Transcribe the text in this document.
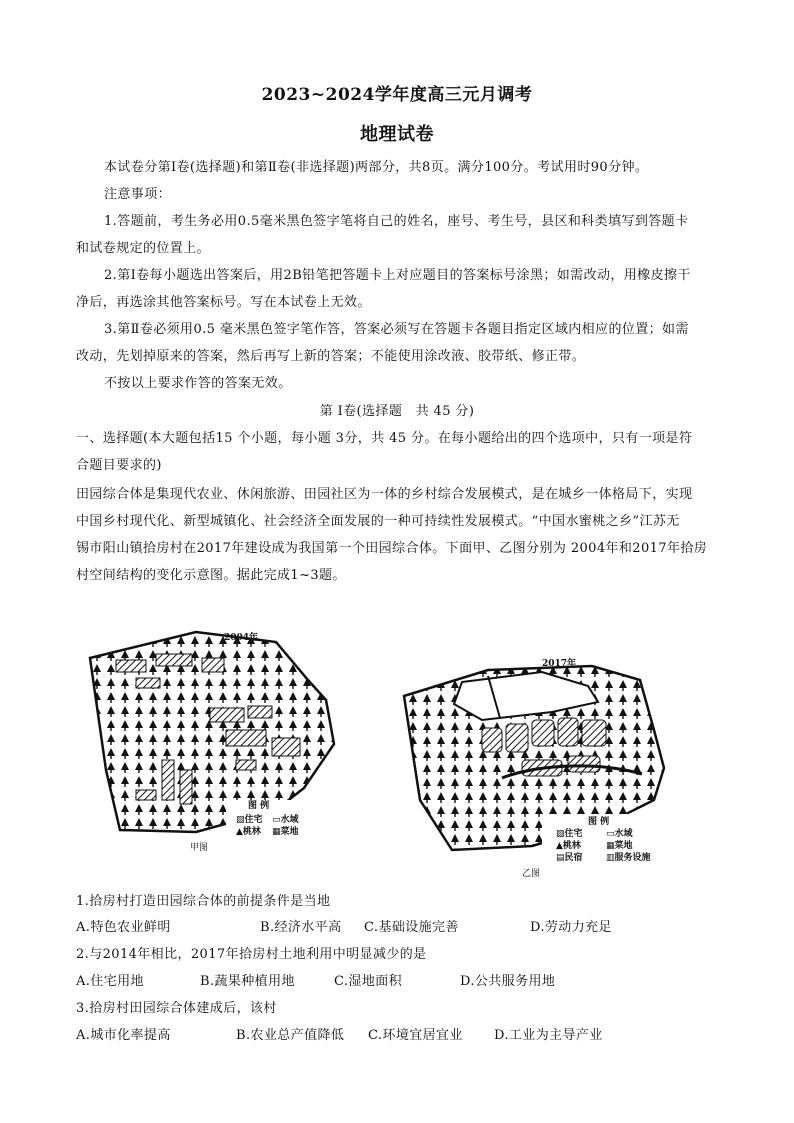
2023~2024学年度高三元月调考
地理试卷
本试卷分第Ⅰ卷(选择题)和第Ⅱ卷(非选择题)两部分，共8页。满分100分。考试用时90分钟。
注意事项：
1.答题前，考生务必用0.5毫米黑色签字笔将自己的姓名，座号、考生号，县区和科类填写到答题卡
和试卷规定的位置上。
2.第Ⅰ卷每小题选出答案后，用2B铅笔把答题卡上对应题目的答案标号涂黑；如需改动，用橡皮擦干
净后，再选涂其他答案标号。写在本试卷上无效。
3.第Ⅱ卷必须用0.5 毫米黑色签字笔作答，答案必须写在答题卡各题目指定区域内相应的位置；如需
改动，先划掉原来的答案，然后再写上新的答案；不能使用涂改液、胶带纸、修正带。
不按以上要求作答的答案无效。
第 Ⅰ卷(选择题　共 45 分)
一、选择题(本大题包括15 个小题，每小题 3分，共 45 分。在每小题给出的四个选项中，只有一项是符
合题目要求的)
田园综合体是集现代农业、休闲旅游、田园社区为一体的乡村综合发展模式，是在城乡一体格局下，实现
中国乡村现代化、新型城镇化、社会经济全面发展的一种可持续性发展模式。“中国水蜜桃之乡”江苏无
锡市阳山镇拾房村在2017年建设成为我国第一个田园综合体。下面甲、乙图分别为 2004年和2017年拾房
村空间结构的变化示意图。据此完成1~3题。
2004年
图 例
▨住宅 ▭水域
▲桃林 ▦菜地
甲图
2017年
图 例
▨住宅	▭水域
▲桃林	▦菜地
▤民宿	▥服务设施
乙图
1.拾房村打造田园综合体的前提条件是当地
A.特色农业鲜明	B.经济水平高 C.基础设施完善	D.劳动力充足
2.与2014年相比，2017年拾房村土地利用中明显减少的是
A.住宅用地	B.蔬果种植用地	C.湿地面积	D.公共服务用地
3.拾房村田园综合体建成后，该村
A.城市化率提高	B.农业总产值降低 C.环境宜居宜业 D.工业为主导产业
